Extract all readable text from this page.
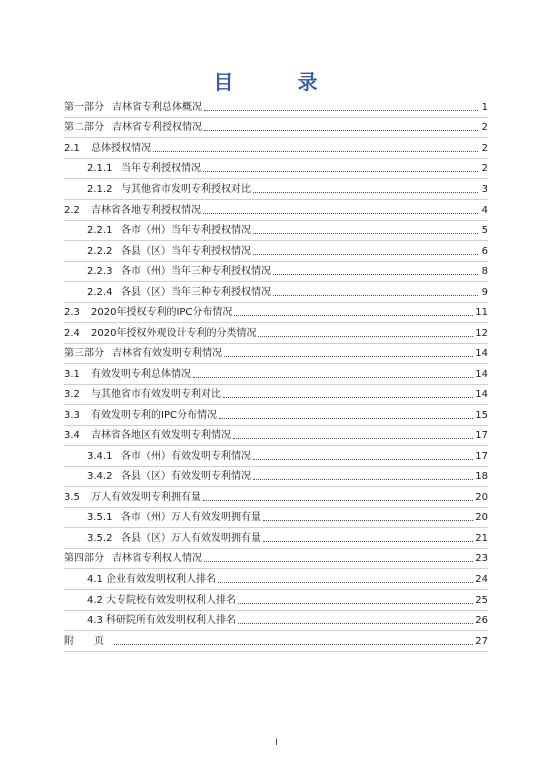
目　录
第一部分 吉林省专利总体概况	1
第二部分 吉林省专利授权情况	2
2.1	总体授权情况	2
2.1.1 当年专利授权情况	2
2.1.2 与其他省市发明专利授权对比	3
2.2	吉林省各地专利授权情况	4
2.2.1 各市（州）当年专利授权情况	5
2.2.2 各县（区）当年专利授权情况	6
2.2.3 各市（州）当年三种专利授权情况	8
2.2.4 各县（区）当年三种专利授权情况	9
2.3	2020年授权专利的IPC分布情况	11
2.4	2020年授权外观设计专利的分类情况	12
第三部分 吉林省有效发明专利情况	14
3.1	有效发明专利总体情况	14
3.2	与其他省市有效发明专利对比	14
3.3	有效发明专利的IPC分布情况	15
3.4	吉林省各地区有效发明专利情况	17
3.4.1 各市（州）有效发明专利情况	17
3.4.2 各县（区）有效发明专利情况	18
3.5	万人有效发明专利拥有量	20
3.5.1 各市（州）万人有效发明拥有量	20
3.5.2 各县（区）万人有效发明拥有量	21
第四部分 吉林省专利权人情况	23
4.1 企业有效发明权利人排名	24
4.2 大专院校有效发明权利人排名	25
4.3 科研院所有效发明权利人排名	26
附　　页	27
I
